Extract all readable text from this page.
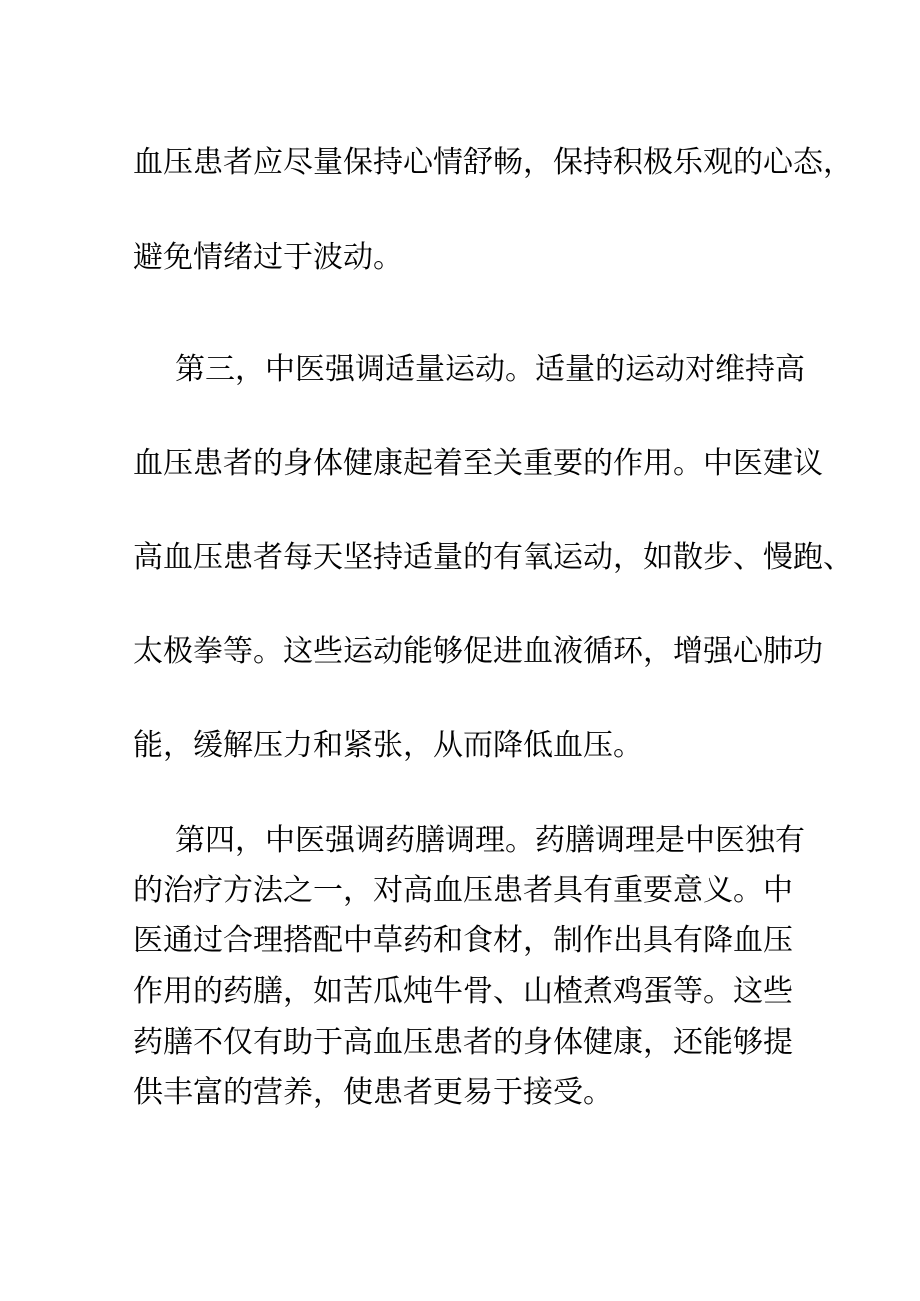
血压患者应尽量保持心情舒畅，保持积极乐观的心态，
避免情绪过于波动。
第三，中医强调适量运动。适量的运动对维持高
血压患者的身体健康起着至关重要的作用。中医建议
高血压患者每天坚持适量的有氧运动，如散步、慢跑、
太极拳等。这些运动能够促进血液循环，增强心肺功
能，缓解压力和紧张，从而降低血压。
第四，中医强调药膳调理。药膳调理是中医独有
的治疗方法之一，对高血压患者具有重要意义。中
医通过合理搭配中草药和食材，制作出具有降血压
作用的药膳，如苦瓜炖牛骨、山楂煮鸡蛋等。这些
药膳不仅有助于高血压患者的身体健康，还能够提
供丰富的营养，使患者更易于接受。
